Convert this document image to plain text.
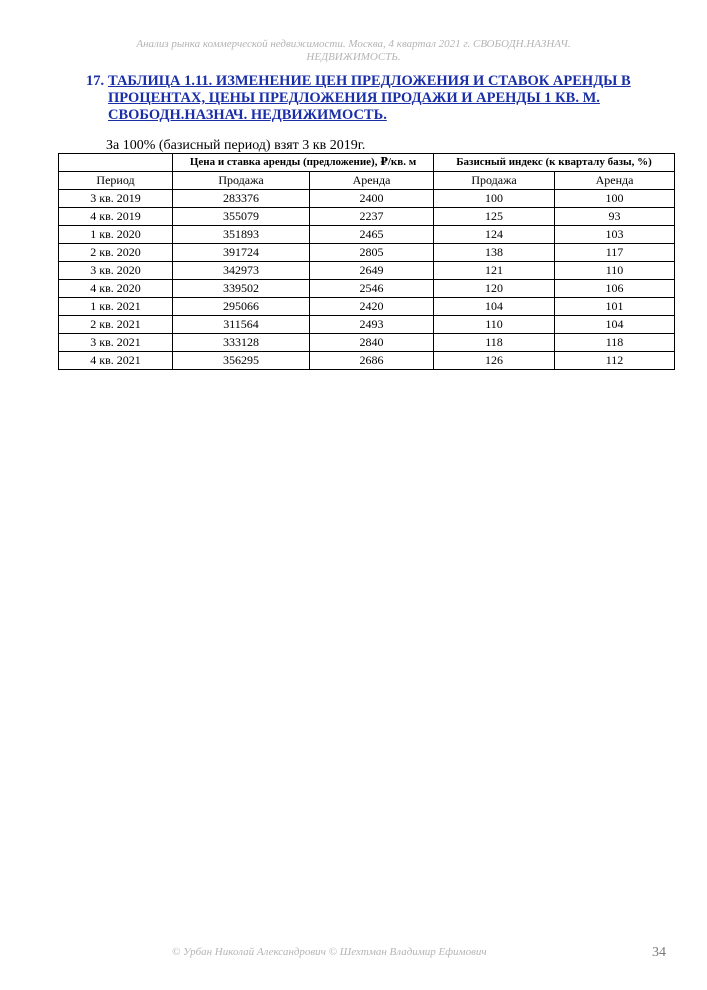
Анализ рынка коммерческой недвижимости. Москва, 4 квартал 2021 г. СВОБОДН.НАЗНАЧ.
НЕДВИЖИМОСТЬ.
17. ТАБЛИЦА 1.11. ИЗМЕНЕНИЕ ЦЕН ПРЕДЛОЖЕНИЯ И СТАВОК АРЕНДЫ В ПРОЦЕНТАХ, ЦЕНЫ ПРЕДЛОЖЕНИЯ ПРОДАЖИ И АРЕНДЫ 1 КВ. М. СВОБОДН.НАЗНАЧ. НЕДВИЖИМОСТЬ.
За 100% (базисный период) взят 3 кв 2019г.
	Цена и ставка аренды (предложение), ₽/кв. м		Базисный индекс (к кварталу базы, %)	
Период	Продажа	Аренда	Продажа	Аренда
3 кв. 2019	283376	2400	100	100
4 кв. 2019	355079	2237	125	93
1 кв. 2020	351893	2465	124	103
2 кв. 2020	391724	2805	138	117
3 кв. 2020	342973	2649	121	110
4 кв. 2020	339502	2546	120	106
1 кв. 2021	295066	2420	104	101
2 кв. 2021	311564	2493	110	104
3 кв. 2021	333128	2840	118	118
4 кв. 2021	356295	2686	126	112
© Урбан Николай Александрович © Шехтман Владимир Ефимович	34
